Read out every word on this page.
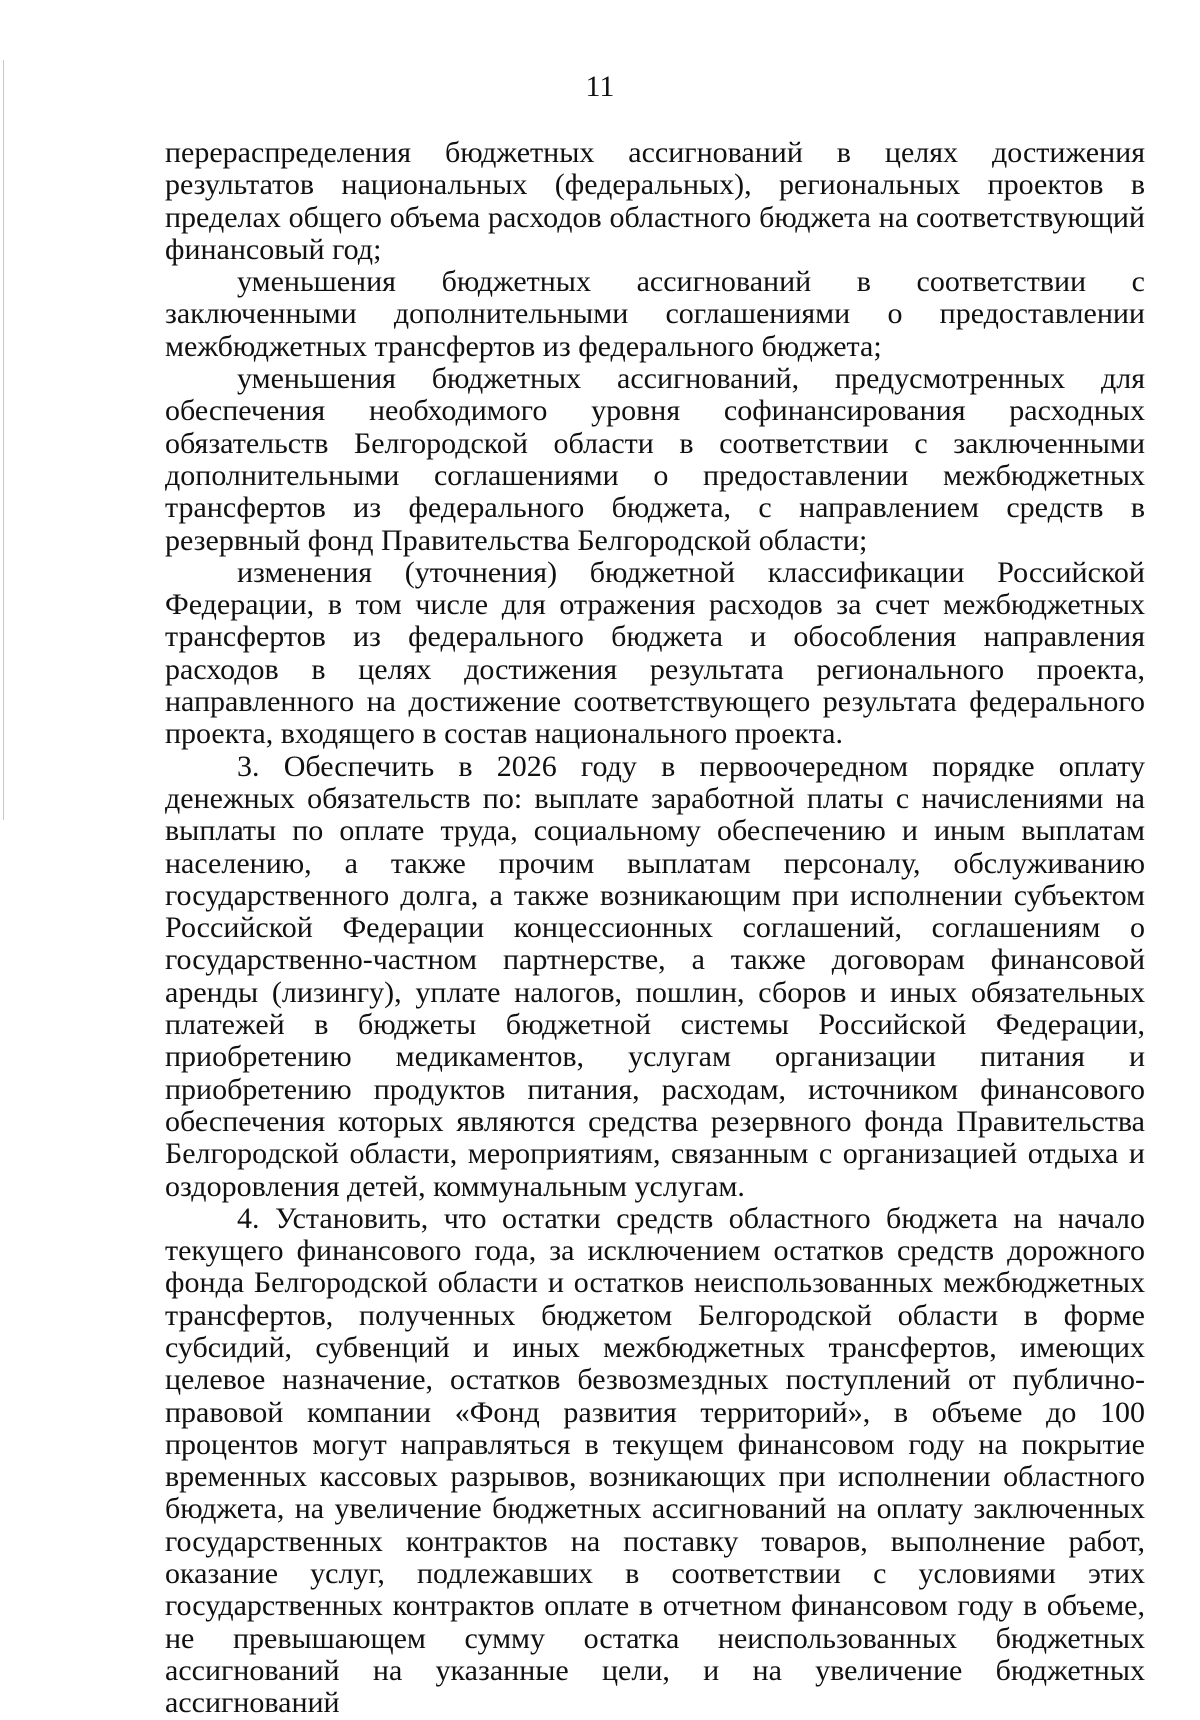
11

перераспределения бюджетных ассигнований в целях достижения результатов национальных (федеральных), региональных проектов в пределах общего объема расходов областного бюджета на соответствующий финансовый год;

уменьшения бюджетных ассигнований в соответствии с заключенными дополнительными соглашениями о предоставлении межбюджетных трансфертов из федерального бюджета;

уменьшения бюджетных ассигнований, предусмотренных для обеспечения необходимого уровня софинансирования расходных обязательств Белгородской области в соответствии с заключенными дополнительными соглашениями о предоставлении межбюджетных трансфертов из федерального бюджета, с направлением средств в резервный фонд Правительства Белгородской области;

изменения (уточнения) бюджетной классификации Российской Федерации, в том числе для отражения расходов за счет межбюджетных трансфертов из федерального бюджета и обособления направления расходов в целях достижения результата регионального проекта, направленного на достижение соответствующего результата федерального проекта, входящего в состав национального проекта.

3. Обеспечить в 2026 году в первоочередном порядке оплату денежных обязательств по: выплате заработной платы с начислениями на выплаты по оплате труда, социальному обеспечению и иным выплатам населению, а также прочим выплатам персоналу, обслуживанию государственного долга, а также возникающим при исполнении субъектом Российской Федерации концессионных соглашений, соглашениям о государственно-частном партнерстве, а также договорам финансовой аренды (лизингу), уплате налогов, пошлин, сборов и иных обязательных платежей в бюджеты бюджетной системы Российской Федерации, приобретению медикаментов, услугам организации питания и приобретению продуктов питания, расходам, источником финансового обеспечения которых являются средства резервного фонда Правительства Белгородской области, мероприятиям, связанным с организацией отдыха и оздоровления детей, коммунальным услугам.

4. Установить, что остатки средств областного бюджета на начало текущего финансового года, за исключением остатков средств дорожного фонда Белгородской области и остатков неиспользованных межбюджетных трансфертов, полученных бюджетом Белгородской области в форме субсидий, субвенций и иных межбюджетных трансфертов, имеющих целевое назначение, остатков безвозмездных поступлений от публично-правовой компании «Фонд развития территорий», в объеме до 100 процентов могут направляться в текущем финансовом году на покрытие временных кассовых разрывов, возникающих при исполнении областного бюджета, на увеличение бюджетных ассигнований на оплату заключенных государственных контрактов на поставку товаров, выполнение работ, оказание услуг, подлежавших в соответствии с условиями этих государственных контрактов оплате в отчетном финансовом году в объеме, не превышающем сумму остатка неиспользованных бюджетных ассигнований на указанные цели, и на увеличение бюджетных ассигнований
